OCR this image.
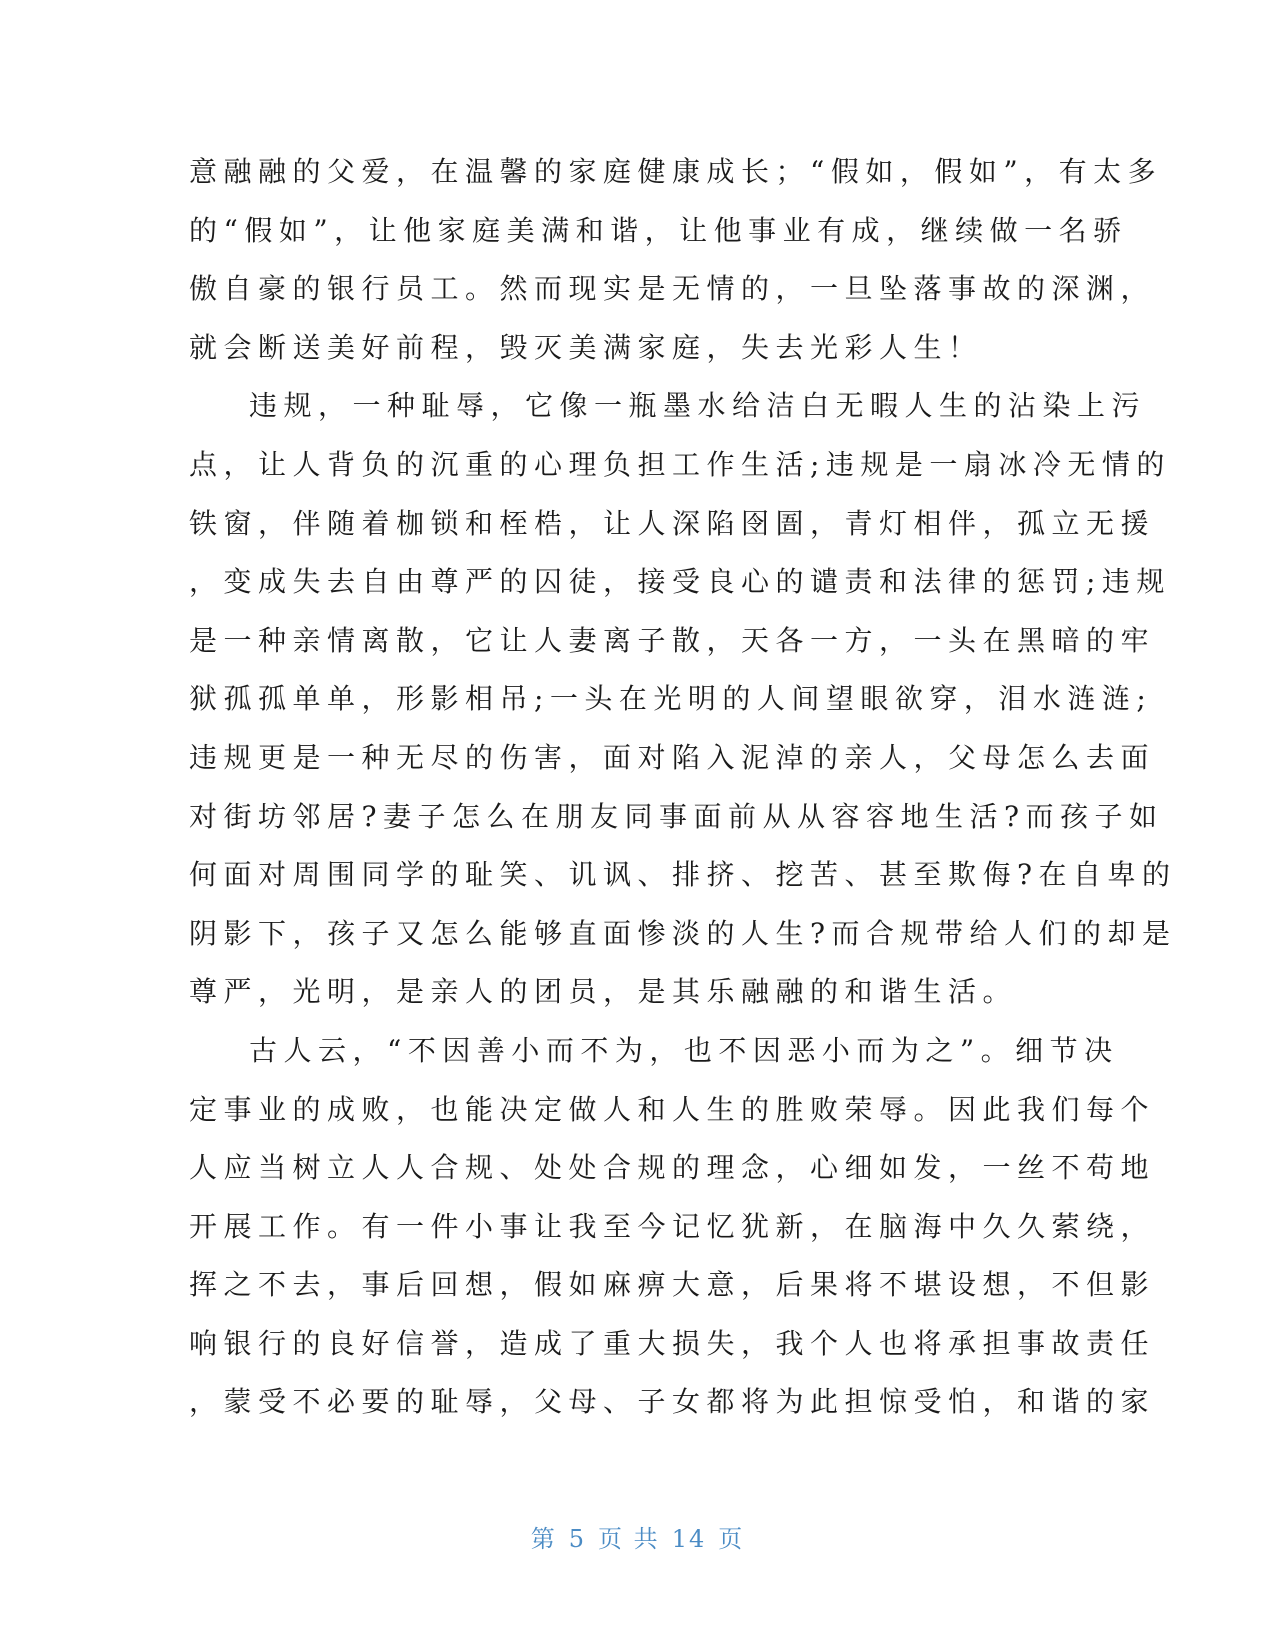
意融融的父爱，在温馨的家庭健康成长；“假如，假如”，有太多
的“假如”，让他家庭美满和谐，让他事业有成，继续做一名骄
傲自豪的银行员工。然而现实是无情的，一旦坠落事故的深渊，
就会断送美好前程，毁灭美满家庭，失去光彩人生！
违规，一种耻辱，它像一瓶墨水给洁白无暇人生的沾染上污
点，让人背负的沉重的心理负担工作生活;违规是一扇冰冷无情的
铁窗，伴随着枷锁和桎梏，让人深陷囹圄，青灯相伴，孤立无援
，变成失去自由尊严的囚徒，接受良心的谴责和法律的惩罚;违规
是一种亲情离散，它让人妻离子散，天各一方，一头在黑暗的牢
狱孤孤单单，形影相吊;一头在光明的人间望眼欲穿，泪水涟涟;
违规更是一种无尽的伤害，面对陷入泥淖的亲人，父母怎么去面
对街坊邻居?妻子怎么在朋友同事面前从从容容地生活?而孩子如
何面对周围同学的耻笑、讥讽、排挤、挖苦、甚至欺侮?在自卑的
阴影下，孩子又怎么能够直面惨淡的人生?而合规带给人们的却是
尊严，光明，是亲人的团员，是其乐融融的和谐生活。
古人云，“不因善小而不为，也不因恶小而为之”。细节决
定事业的成败，也能决定做人和人生的胜败荣辱。因此我们每个
人应当树立人人合规、处处合规的理念，心细如发，一丝不苟地
开展工作。有一件小事让我至今记忆犹新，在脑海中久久萦绕，
挥之不去，事后回想，假如麻痹大意，后果将不堪设想，不但影
响银行的良好信誉，造成了重大损失，我个人也将承担事故责任
，蒙受不必要的耻辱，父母、子女都将为此担惊受怕，和谐的家
第 5 页 共 14 页
